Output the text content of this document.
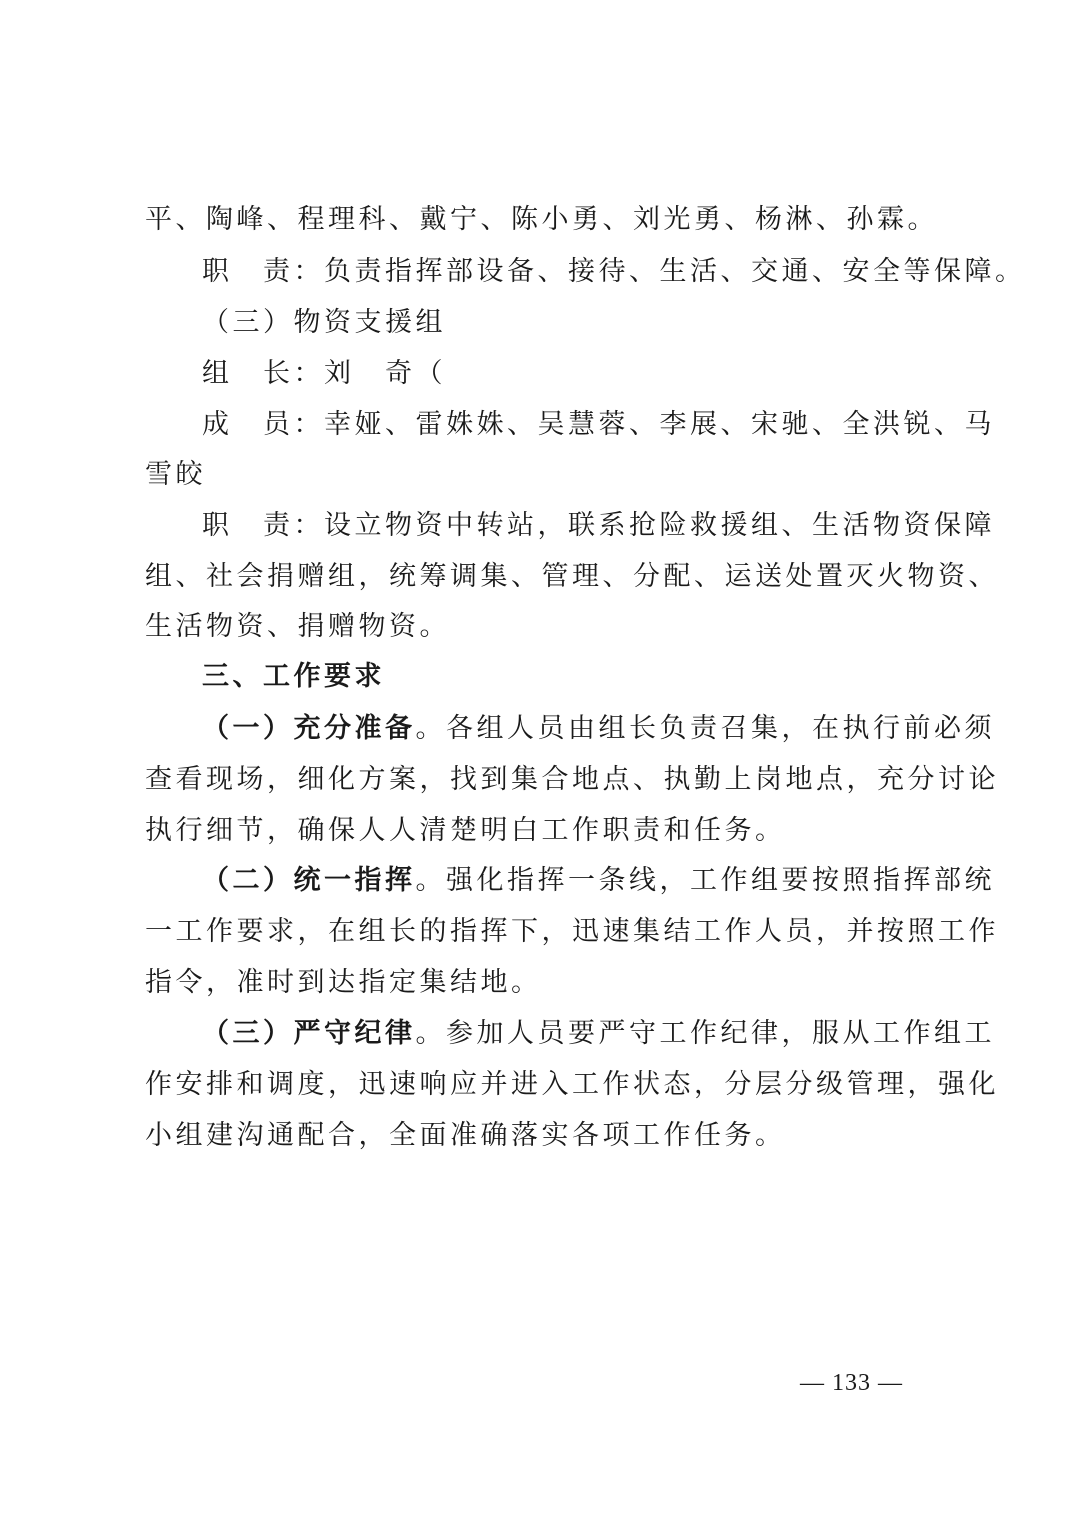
平、陶峰、程理科、戴宁、陈小勇、刘光勇、杨淋、孙霖。
职　责：负责指挥部设备、接待、生活、交通、安全等保障。
（三）物资支援组
组　长：刘　奇（
成　员：幸娅、雷姝姝、吴慧蓉、李展、宋驰、全洪锐、马
雪皎
职　责：设立物资中转站，联系抢险救援组、生活物资保障
组、社会捐赠组，统筹调集、管理、分配、运送处置灭火物资、
生活物资、捐赠物资。
三、工作要求
（一）充分准备。各组人员由组长负责召集，在执行前必须
查看现场，细化方案，找到集合地点、执勤上岗地点，充分讨论
执行细节，确保人人清楚明白工作职责和任务。
（二）统一指挥。强化指挥一条线，工作组要按照指挥部统
一工作要求，在组长的指挥下，迅速集结工作人员，并按照工作
指令，准时到达指定集结地。
（三）严守纪律。参加人员要严守工作纪律，服从工作组工
作安排和调度，迅速响应并进入工作状态，分层分级管理，强化
小组建沟通配合，全面准确落实各项工作任务。
— 133 —
